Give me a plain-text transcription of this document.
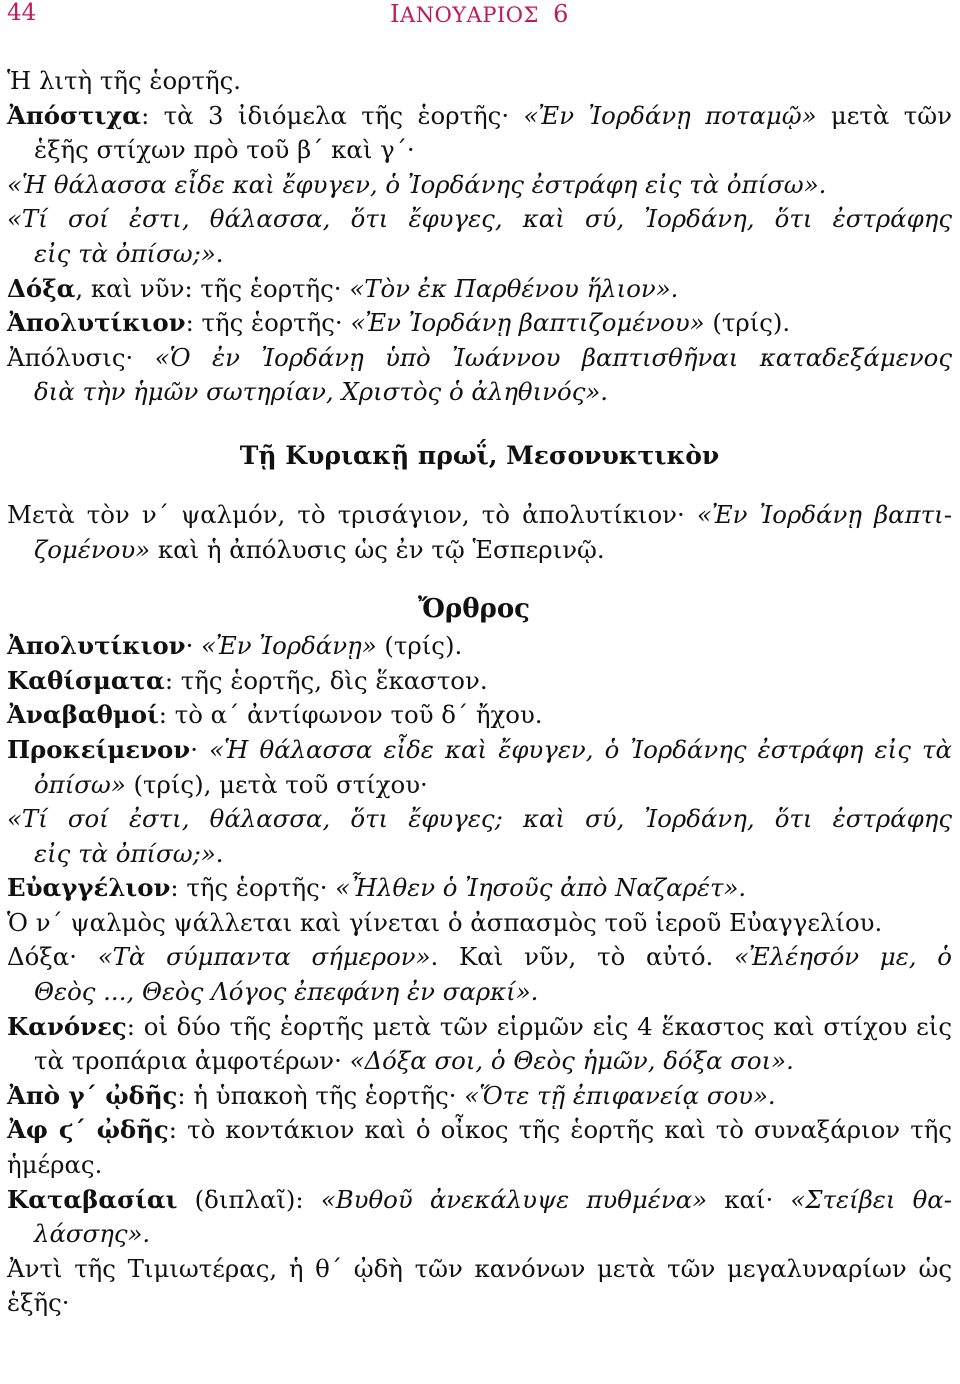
44	ΙΑΝΟΥΑΡΙΟΣ 6
Ἡ λιτὴ τῆς ἑορτῆς.
Ἀπόστιχα: τὰ 3 ἰδιόμελα τῆς ἑορτῆς· «Ἐν Ἰορδάνῃ ποταμῷ» μετὰ τῶν
ἑξῆς στίχων πρὸ τοῦ β΄ καὶ γ΄·
«Ἡ θάλασσα εἶδε καὶ ἔφυγεν, ὁ Ἰορδάνης ἐστράφη εἰς τὰ ὀπίσω».
«Τί σοί ἐστι, θάλασσα, ὅτι ἔφυγες, καὶ σύ, Ἰορδάνη, ὅτι ἐστράφης
εἰς τὰ ὀπίσω;».
Δόξα, καὶ νῦν: τῆς ἑορτῆς· «Τὸν ἐκ Παρθένου ἥλιον».
Ἀπολυτίκιον: τῆς ἑορτῆς· «Ἐν Ἰορδάνῃ βαπτιζομένου» (τρίς).
Ἀπόλυσις· «Ὁ ἐν Ἰορδάνῃ ὑπὸ Ἰωάννου βαπτισθῆναι καταδεξάμενος
διὰ τὴν ἡμῶν σωτηρίαν, Χριστὸς ὁ ἀληθινός».
Τῇ Κυριακῇ πρωΐ, Μεσονυκτικὸν
Μετὰ τὸν ν΄ ψαλμόν, τὸ τρισάγιον, τὸ ἀπολυτίκιον· «Ἐν Ἰορδάνῃ βαπτι-
ζομένου» καὶ ἡ ἀπόλυσις ὡς ἐν τῷ Ἑσπερινῷ.
Ὄρθρος
Ἀπολυτίκιον· «Ἐν Ἰορδάνῃ» (τρίς).
Καθίσματα: τῆς ἑορτῆς, δὶς ἕκαστον.
Ἀναβαθμοί: τὸ α΄ ἀντίφωνον τοῦ δ΄ ἤχου.
Προκείμενον· «Ἡ θάλασσα εἶδε καὶ ἔφυγεν, ὁ Ἰορδάνης ἐστράφη εἰς τὰ
ὀπίσω» (τρίς), μετὰ τοῦ στίχου·
«Τί σοί ἐστι, θάλασσα, ὅτι ἔφυγες; καὶ σύ, Ἰορδάνη, ὅτι ἐστράφης
εἰς τὰ ὀπίσω;».
Εὐαγγέλιον: τῆς ἑορτῆς· «Ἦλθεν ὁ Ἰησοῦς ἀπὸ Ναζαρέτ».
Ὁ ν΄ ψαλμὸς ψάλλεται καὶ γίνεται ὁ ἀσπασμὸς τοῦ ἱεροῦ Εὐαγγελίου.
Δόξα· «Τὰ σύμπαντα σήμερον». Καὶ νῦν, τὸ αὐτό. «Ἐλέησόν με, ὁ
Θεὸς ..., Θεὸς Λόγος ἐπεφάνη ἐν σαρκί».
Κανόνες: οἱ δύο τῆς ἑορτῆς μετὰ τῶν εἱρμῶν εἰς 4 ἕκαστος καὶ στίχου εἰς
τὰ τροπάρια ἀμφοτέρων· «Δόξα σοι, ὁ Θεὸς ἡμῶν, δόξα σοι».
Ἀπὸ γ΄ ᾠδῆς: ἡ ὑπακοὴ τῆς ἑορτῆς· «Ὅτε τῇ ἐπιφανείᾳ σου».
Ἀφ ϛ΄ ᾠδῆς: τὸ κοντάκιον καὶ ὁ οἶκος τῆς ἑορτῆς καὶ τὸ συναξάριον τῆς
ἡμέρας.
Καταβασίαι (διπλαῖ): «Βυθοῦ ἀνεκάλυψε πυθμένα» καί· «Στείβει θα-
λάσσης».
Ἀντὶ τῆς Τιμιωτέρας, ἡ θ΄ ᾠδὴ τῶν κανόνων μετὰ τῶν μεγαλυναρίων ὡς
ἑξῆς·
